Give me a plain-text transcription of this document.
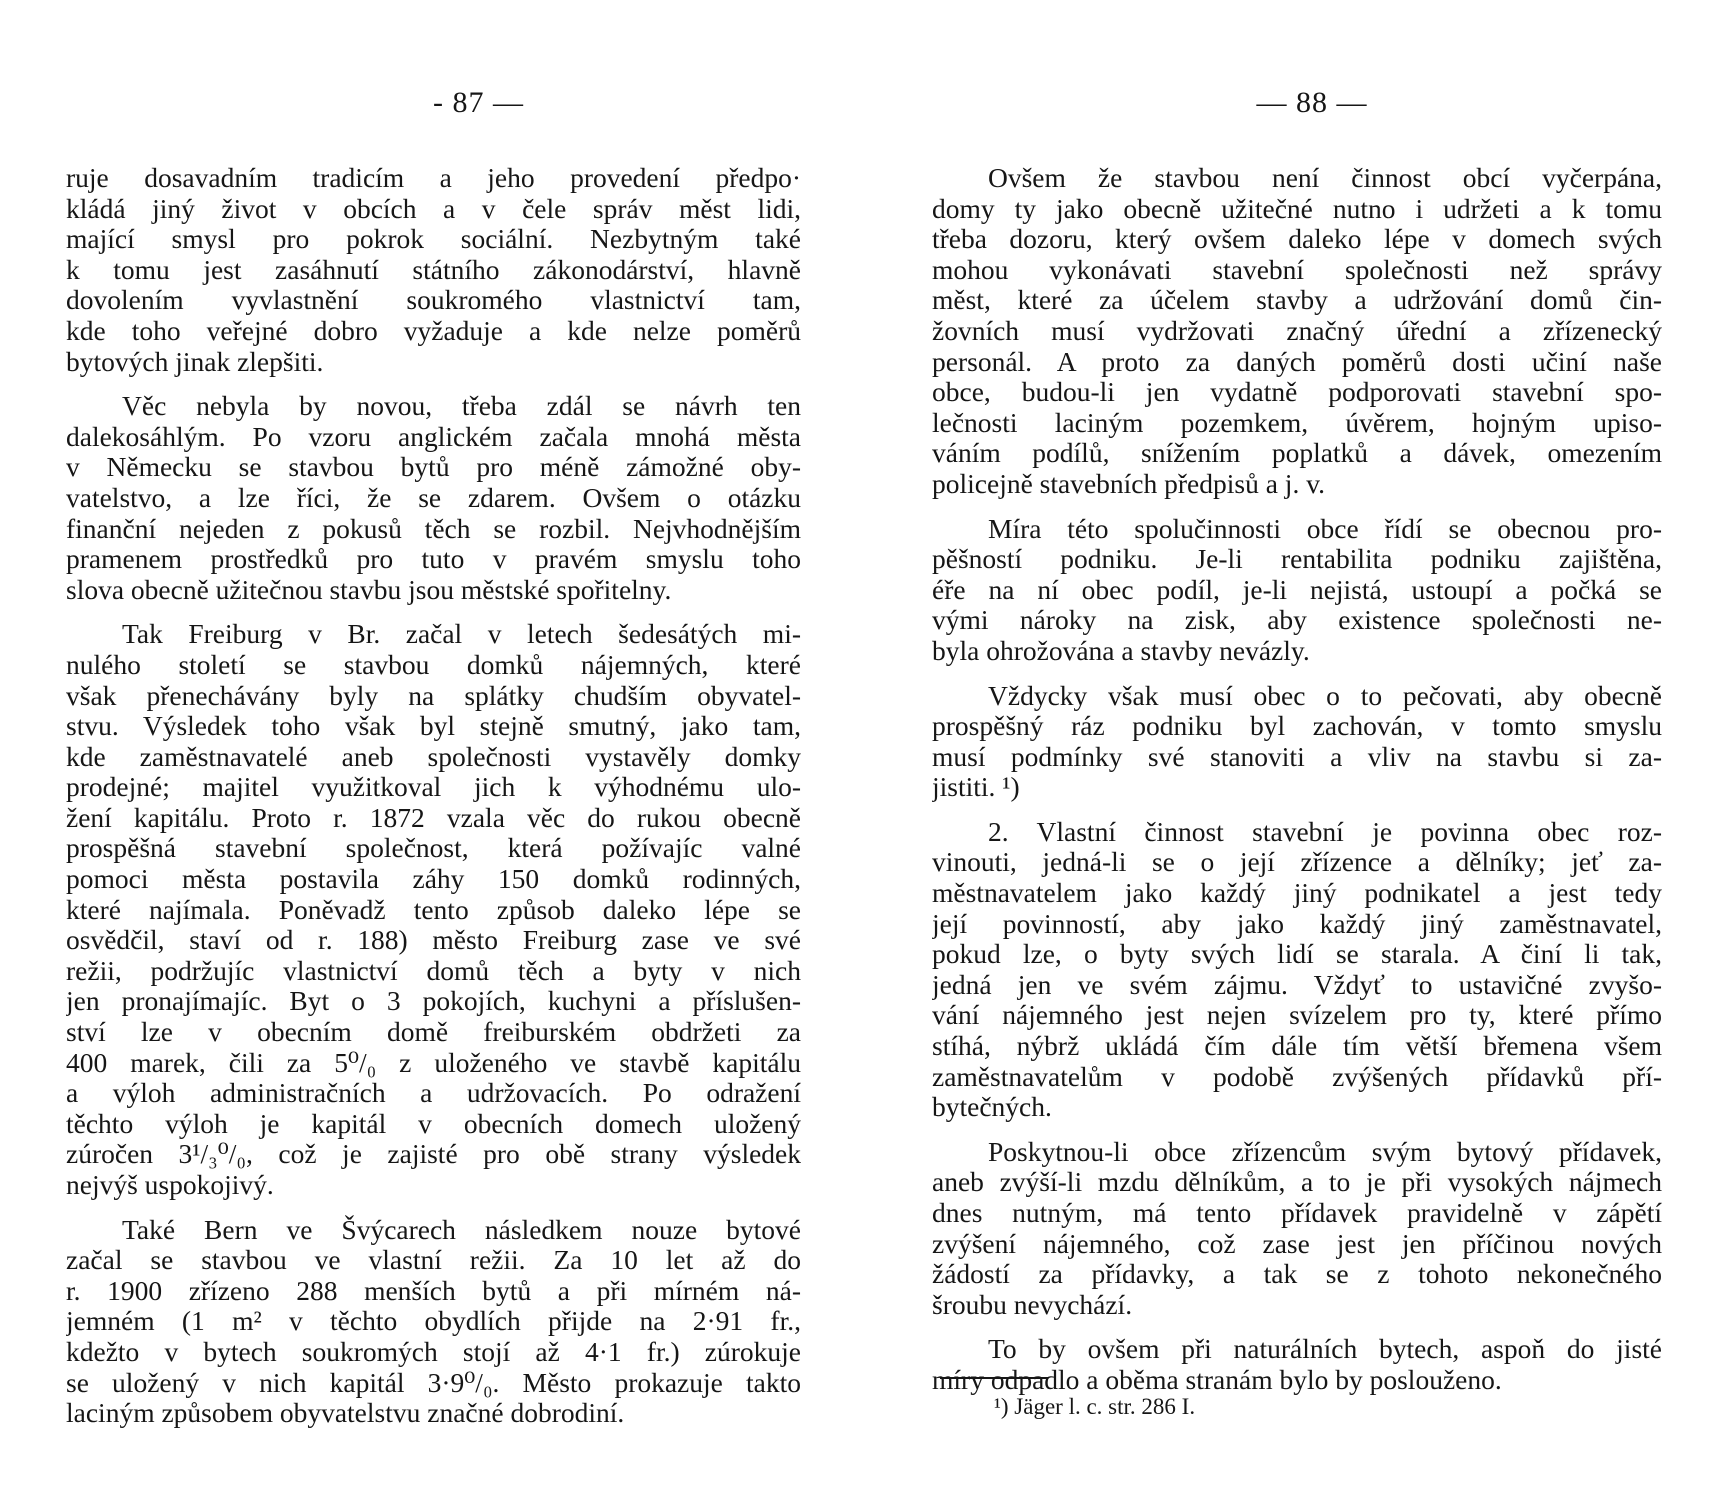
- 87 —

ruje dosavadním tradicím a jeho provedení předpo·
kládá jiný život v obcích a v čele správ měst lidi,
mající smysl pro pokrok sociální. Nezbytným také
k tomu jest zasáhnutí státního zákonodárství, hlavně
dovolením vyvlastnění soukromého vlastnictví tam,
kde toho veřejné dobro vyžaduje a kde nelze poměrů
bytových jinak zlepšiti.

Věc nebyla by novou, třeba zdál se návrh ten
dalekosáhlým. Po vzoru anglickém začala mnohá města
v Německu se stavbou bytů pro méně zámožné oby-
vatelstvo, a lze říci, že se zdarem. Ovšem o otázku
finanční nejeden z pokusů těch se rozbil. Nejvhodnějším
pramenem prostředků pro tuto v pravém smyslu toho
slova obecně užitečnou stavbu jsou městské spořitelny.

Tak Freiburg v Br. začal v letech šedesátých mi-
nulého století se stavbou domků nájemných, které
však přenechávány byly na splátky chudším obyvatel-
stvu. Výsledek toho však byl stejně smutný, jako tam,
kde zaměstnavatelé aneb společnosti vystavěly domky
prodejné; majitel využitkoval jich k výhodnému ulo-
žení kapitálu. Proto r. 1872 vzala věc do rukou obecně
prospěšná stavební společnost, která požívajíc valné
pomoci města postavila záhy 150 domků rodinných,
které najímala. Poněvadž tento způsob daleko lépe se
osvědčil, staví od r. 188) město Freiburg zase ve své
režii, podržujíc vlastnictví domů těch a byty v nich
jen pronajímajíc. Byt o 3 pokojích, kuchyni a příslušen-
ství lze v obecním domě freiburském obdržeti za
400 marek, čili za 5⁰/₀ z uloženého ve stavbě kapitálu
a výloh administračních a udržovacích. Po odražení
těchto výloh je kapitál v obecních domech uložený
zúročen 3¹/₃⁰/₀, což je zajisté pro obě strany výsledek
nejvýš uspokojivý.

Také Bern ve Švýcarech následkem nouze bytové
začal se stavbou ve vlastní režii. Za 10 let až do
r. 1900 zřízeno 288 menších bytů a při mírném ná-
jemném (1 m² v těchto obydlích přijde na 2·91 fr.,
kdežto v bytech soukromých stojí až 4·1 fr.) zúrokuje
se uložený v nich kapitál 3·9⁰/₀. Město prokazuje takto
laciným způsobem obyvatelstvu značné dobrodiní.

— 88 —

Ovšem že stavbou není činnost obcí vyčerpána,
domy ty jako obecně užitečné nutno i udržeti a k tomu
třeba dozoru, který ovšem daleko lépe v domech svých
mohou vykonávati stavební společnosti než správy
měst, které za účelem stavby a udržování domů čin-
žovních musí vydržovati značný úřední a zřízenecký
personál. A proto za daných poměrů dosti učiní naše
obce, budou-li jen vydatně podporovati stavební spo-
lečnosti laciným pozemkem, úvěrem, hojným upiso-
váním podílů, snížením poplatků a dávek, omezením
policejně stavebních předpisů a j. v.

Míra této spolučinnosti obce řídí se obecnou pro-
pěšností podniku. Je-li rentabilita podniku zajištěna,
éře na ní obec podíl, je-li nejistá, ustoupí a počká se
vými nároky na zisk, aby existence společnosti ne-
byla ohrožována a stavby nevázly.

Vždycky však musí obec o to pečovati, aby obecně
prospěšný ráz podniku byl zachován, v tomto smyslu
musí podmínky své stanoviti a vliv na stavbu si za-
jistiti. ¹)

2. Vlastní činnost stavební je povinna obec roz-
vinouti, jedná-li se o její zřízence a dělníky; jeť za-
městnavatelem jako každý jiný podnikatel a jest tedy
její povinností, aby jako každý jiný zaměstnavatel,
pokud lze, o byty svých lidí se starala. A činí li tak,
jedná jen ve svém zájmu. Vždyť to ustavičné zvyšo-
vání nájemného jest nejen svízelem pro ty, které přímo
stíhá, nýbrž ukládá čím dále tím větší břemena všem
zaměstnavatelům v podobě zvýšených přídavků pří-
bytečných.

Poskytnou-li obce zřízencům svým bytový přídavek,
aneb zvýší-li mzdu dělníkům, a to je při vysokých nájmech
dnes nutným, má tento přídavek pravidelně v zápětí
zvýšení nájemného, což zase jest jen příčinou nových
žádostí za přídavky, a tak se z tohoto nekonečného
šroubu nevychází.

To by ovšem při naturálních bytech, aspoň do jisté
míry odpadlo a oběma stranám bylo by poslouženo.

¹) Jäger l. c. str. 286 I.
